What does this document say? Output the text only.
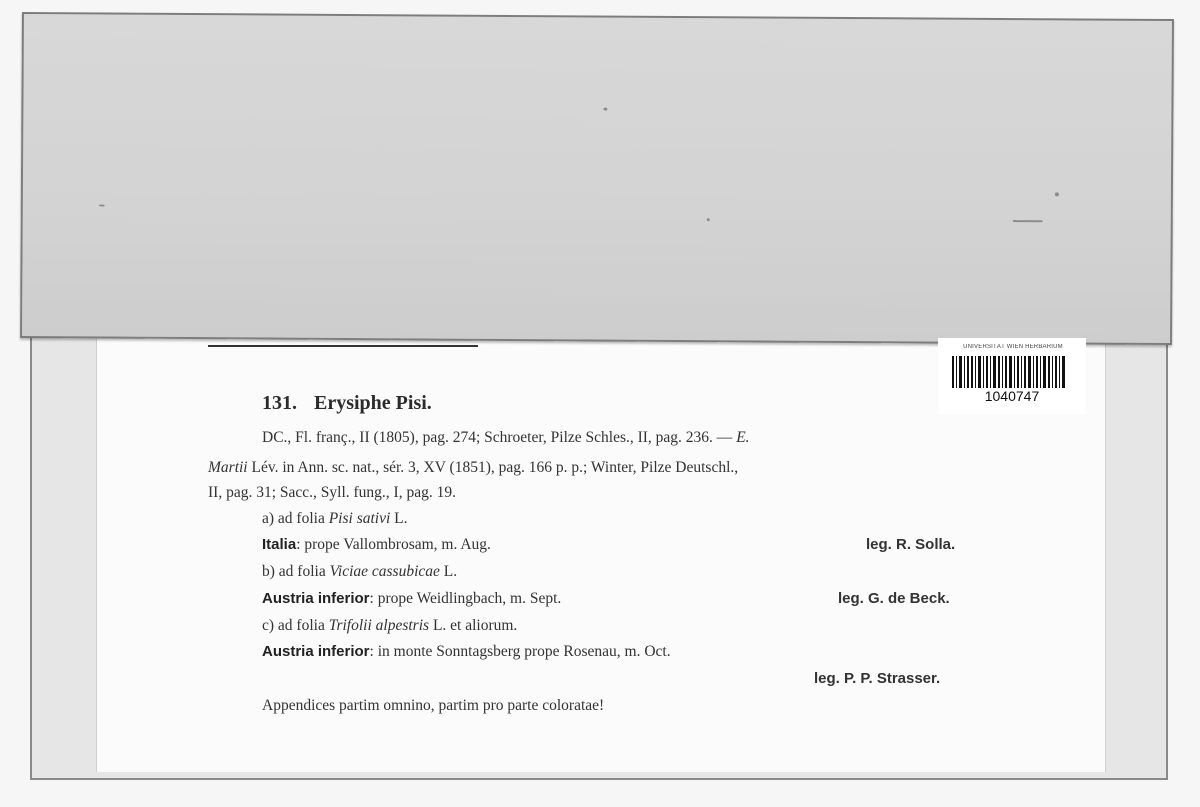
UNIVERSITÄT WIEN HERBARIUM
1040747
131. Erysiphe Pisi.
DC., Fl. franç., II (1805), pag. 274; Schroeter, Pilze Schles., II, pag. 236. — E.
Martii Lév. in Ann. sc. nat., sér. 3, XV (1851), pag. 166 p. p.; Winter, Pilze Deutschl.,
II, pag. 31; Sacc., Syll. fung., I, pag. 19.
a) ad folia Pisi sativi L.
Italia: prope Vallombrosam, m. Aug.	leg. R. Solla.
b) ad folia Viciae cassubicae L.
Austria inferior: prope Weidlingbach, m. Sept.	leg. G. de Beck.
c) ad folia Trifolii alpestris L. et aliorum.
Austria inferior: in monte Sonntagsberg prope Rosenau, m. Oct.
leg. P. P. Strasser.
Appendices partim omnino, partim pro parte coloratae!
